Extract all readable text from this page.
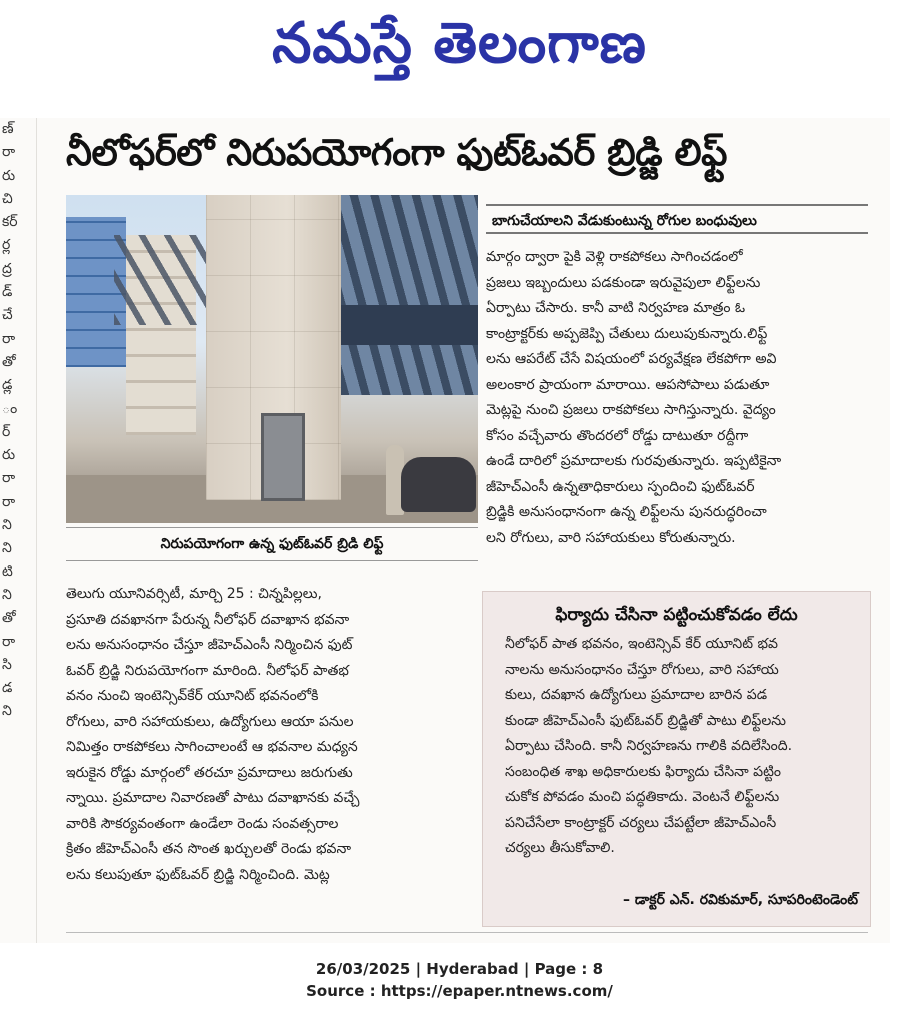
నమస్తే తెలంగాణ
ణ్
రా
రు
చి
కర్
ర్ల
ద్ర
డ్
చే
రా
తో
డ్ల
ం
ర్
రు
రా
రా
ని
ని
టి
ని
తో
రా
సి
డ
ని
నీలోఫర్‌లో నిరుపయోగంగా ఫుట్‌ఓవర్ బ్రిడ్జి లిఫ్ట్
నిరుపయోగంగా ఉన్న ఫుట్‌ఓవర్ బ్రిడి లిఫ్ట్

తెలుగు యూనివర్సిటీ, మార్చి 25 : చిన్నపిల్లలు,

ప్రసూతి దవఖానగా పేరున్న నీలోఫర్ దవాఖాన భవనా

లను అనుసంధానం చేస్తూ జీహెచ్‌ఎంసీ నిర్మించిన ఫుట్

ఓవర్ బ్రిడ్జి నిరుపయోగంగా మారింది. నీలోఫర్ పాతభ

వనం నుంచి ఇంటెన్సివ్‌కేర్ యూనిట్ భవనంలోకి

రోగులు, వారి సహాయకులు, ఉద్యోగులు ఆయా పనుల

నిమిత్తం రాకపోకలు సాగించాలంటే ఆ భవనాల మధ్యన

ఇరుకైన రోడ్డు మార్గంలో తరచూ ప్రమాదాలు జరుగుతు

న్నాయి. ప్రమాదాల నివారణతో పాటు దవాఖానకు వచ్చే

వారికి సౌకర్యవంతంగా ఉండేలా రెండు సంవత్సరాల

క్రితం జీహెచ్‌ఎంసీ తన సొంత ఖర్చులతో రెండు భవనా

లను కలుపుతూ ఫుట్‌ఓవర్ బ్రిడ్జి నిర్మించింది. మెట్ల

బాగుచేయాలని వేడుకుంటున్న రోగుల బంధువులు

మార్గం ద్వారా పైకి వెళ్లి రాకపోకలు సాగించడంలో

ప్రజలు ఇబ్బందులు పడకుండా ఇరువైపులా లిఫ్ట్‌లను

ఏర్పాటు చేసారు. కానీ వాటి నిర్వహణ మాత్రం ఓ

కాంట్రాక్టర్‌కు అప్పజెప్పి చేతులు దులుపుకున్నారు.లిఫ్ట్

లను ఆపరేట్ చేసే విషయంలో పర్యవేక్షణ లేకపోగా అవి

అలంకార ప్రాయంగా మారాయి. ఆపసోపాలు పడుతూ

మెట్లపై నుంచి ప్రజలు రాకపోకలు సాగిస్తున్నారు. వైద్యం

కోసం వచ్చేవారు తొందరలో రోడ్డు దాటుతూ రద్దీగా

ఉండే దారిలో ప్రమాదాలకు గురవుతున్నారు. ఇప్పటికైనా

జీహెచ్‌ఎంసీ ఉన్నతాధికారులు స్పందించి ఫుట్‌ఓవర్

బ్రిడ్జికి అనుసంధానంగా ఉన్న లిఫ్ట్‌లను పునరుద్ధరించా

లని రోగులు, వారి సహాయకులు కోరుతున్నారు.

ఫిర్యాదు చేసినా పట్టించుకోవడం లేదు

నీలోఫర్ పాత భవనం, ఇంటెన్సివ్ కేర్ యూనిట్ భవ

నాలను అనుసంధానం చేస్తూ రోగులు, వారి సహాయ

కులు, దవఖాన ఉద్యోగులు ప్రమాదాల బారిన పడ

కుండా జీహెచ్‌ఎంసీ ఫుట్‌ఓవర్ బ్రిడ్జితో పాటు లిఫ్ట్‌లను

ఏర్పాటు చేసింది. కానీ నిర్వహణను గాలికి వదిలేసింది.

సంబంధిత శాఖ అధికారులకు ఫిర్యాదు చేసినా పట్టిం

చుకోక పోవడం మంచి పద్ధతికాదు. వెంటనే లిఫ్ట్‌లను

పనిచేసేలా కాంట్రాక్టర్ చర్యలు చేపట్టేలా జీహెచ్‌ఎంసీ

చర్యలు తీసుకోవాలి.

– డాక్టర్ ఎన్. రవికుమార్, సూపరింటెండెంట్
26/03/2025 | Hyderabad | Page : 8
Source : https://epaper.ntnews.com/
